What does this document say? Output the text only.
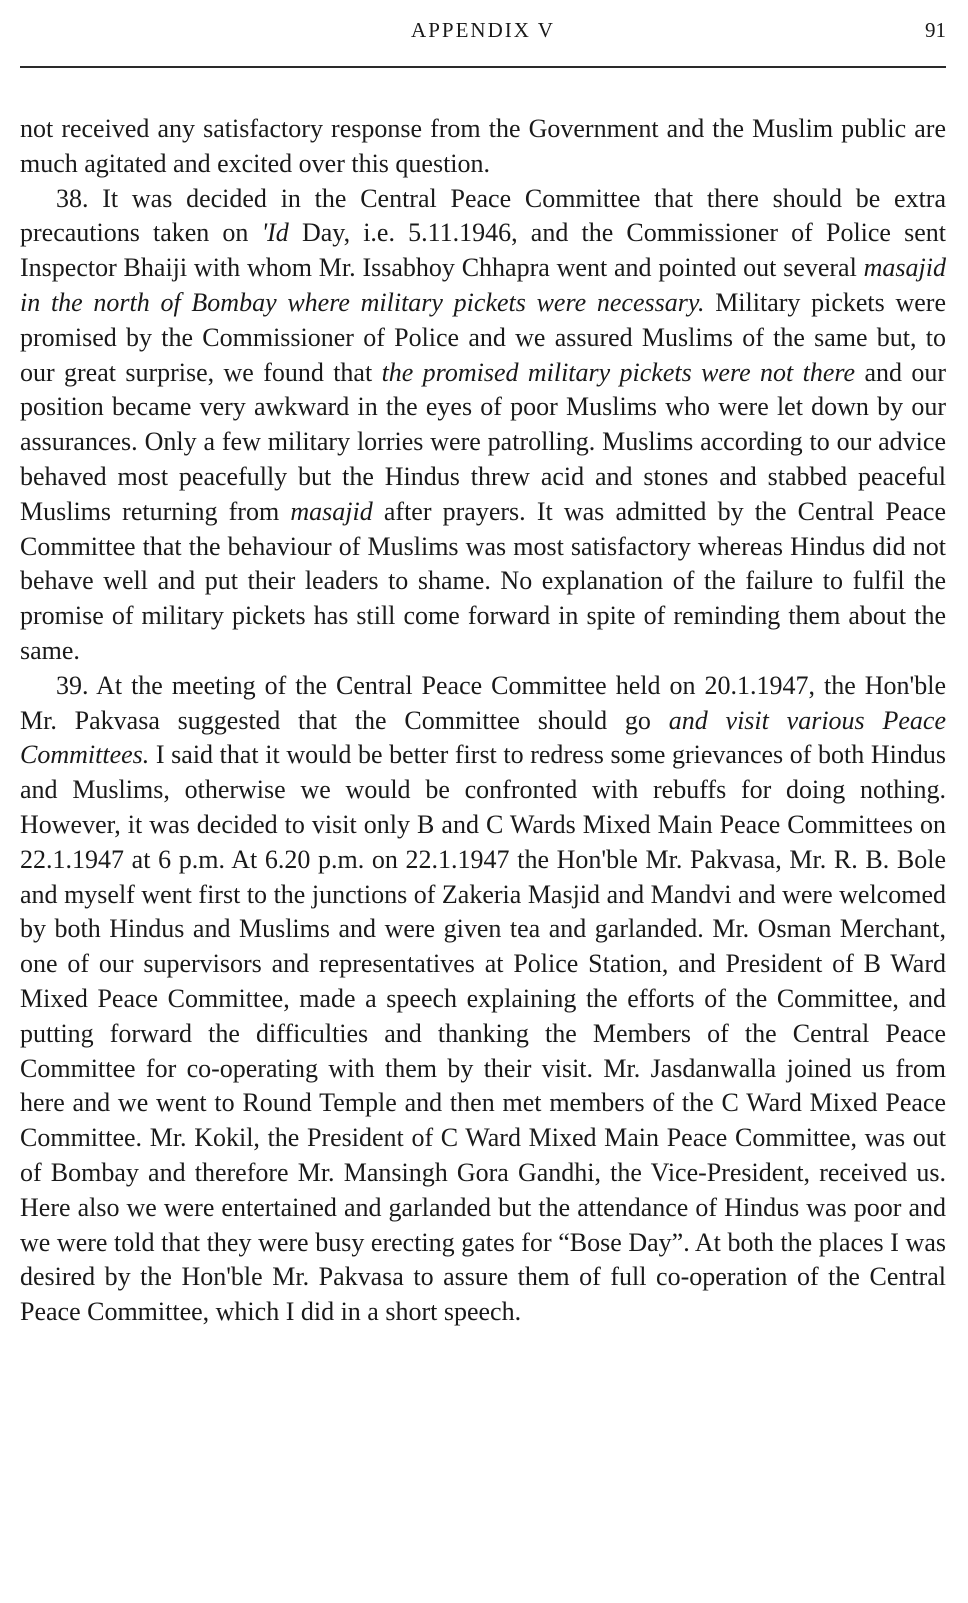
APPENDIX V	91

not received any satisfactory response from the Government and the Muslim public are much agitated and excited over this question.

38. It was decided in the Central Peace Committee that there should be extra precautions taken on 'Id Day, i.e. 5.11.1946, and the Commissioner of Police sent Inspector Bhaiji with whom Mr. Issabhoy Chhapra went and pointed out several masajid in the north of Bombay where military pickets were necessary. Military pickets were promised by the Commissioner of Police and we assured Muslims of the same but, to our great surprise, we found that the promised military pickets were not there and our position became very awkward in the eyes of poor Muslims who were let down by our assurances. Only a few military lorries were patrolling. Muslims according to our advice behaved most peacefully but the Hindus threw acid and stones and stabbed peaceful Muslims returning from masajid after prayers. It was admitted by the Central Peace Committee that the behaviour of Muslims was most satisfactory whereas Hindus did not behave well and put their leaders to shame. No explanation of the failure to fulfil the promise of military pickets has still come forward in spite of reminding them about the same.

39. At the meeting of the Central Peace Committee held on 20.1.1947, the Hon'ble Mr. Pakvasa suggested that the Committee should go and visit various Peace Committees. I said that it would be better first to redress some grievances of both Hindus and Muslims, otherwise we would be confronted with rebuffs for doing nothing. However, it was decided to visit only B and C Wards Mixed Main Peace Committees on 22.1.1947 at 6 p.m. At 6.20 p.m. on 22.1.1947 the Hon'ble Mr. Pakvasa, Mr. R. B. Bole and myself went first to the junctions of Zakeria Masjid and Mandvi and were welcomed by both Hindus and Muslims and were given tea and garlanded. Mr. Osman Merchant, one of our supervisors and representatives at Police Station, and President of B Ward Mixed Peace Committee, made a speech explaining the efforts of the Committee, and putting forward the difficulties and thanking the Members of the Central Peace Committee for co-operating with them by their visit. Mr. Jasdanwalla joined us from here and we went to Round Temple and then met members of the C Ward Mixed Peace Committee. Mr. Kokil, the President of C Ward Mixed Main Peace Committee, was out of Bombay and therefore Mr. Mansingh Gora Gandhi, the Vice-President, received us. Here also we were entertained and garlanded but the attendance of Hindus was poor and we were told that they were busy erecting gates for “Bose Day”. At both the places I was desired by the Hon'ble Mr. Pakvasa to assure them of full co-operation of the Central Peace Committee, which I did in a short speech.
